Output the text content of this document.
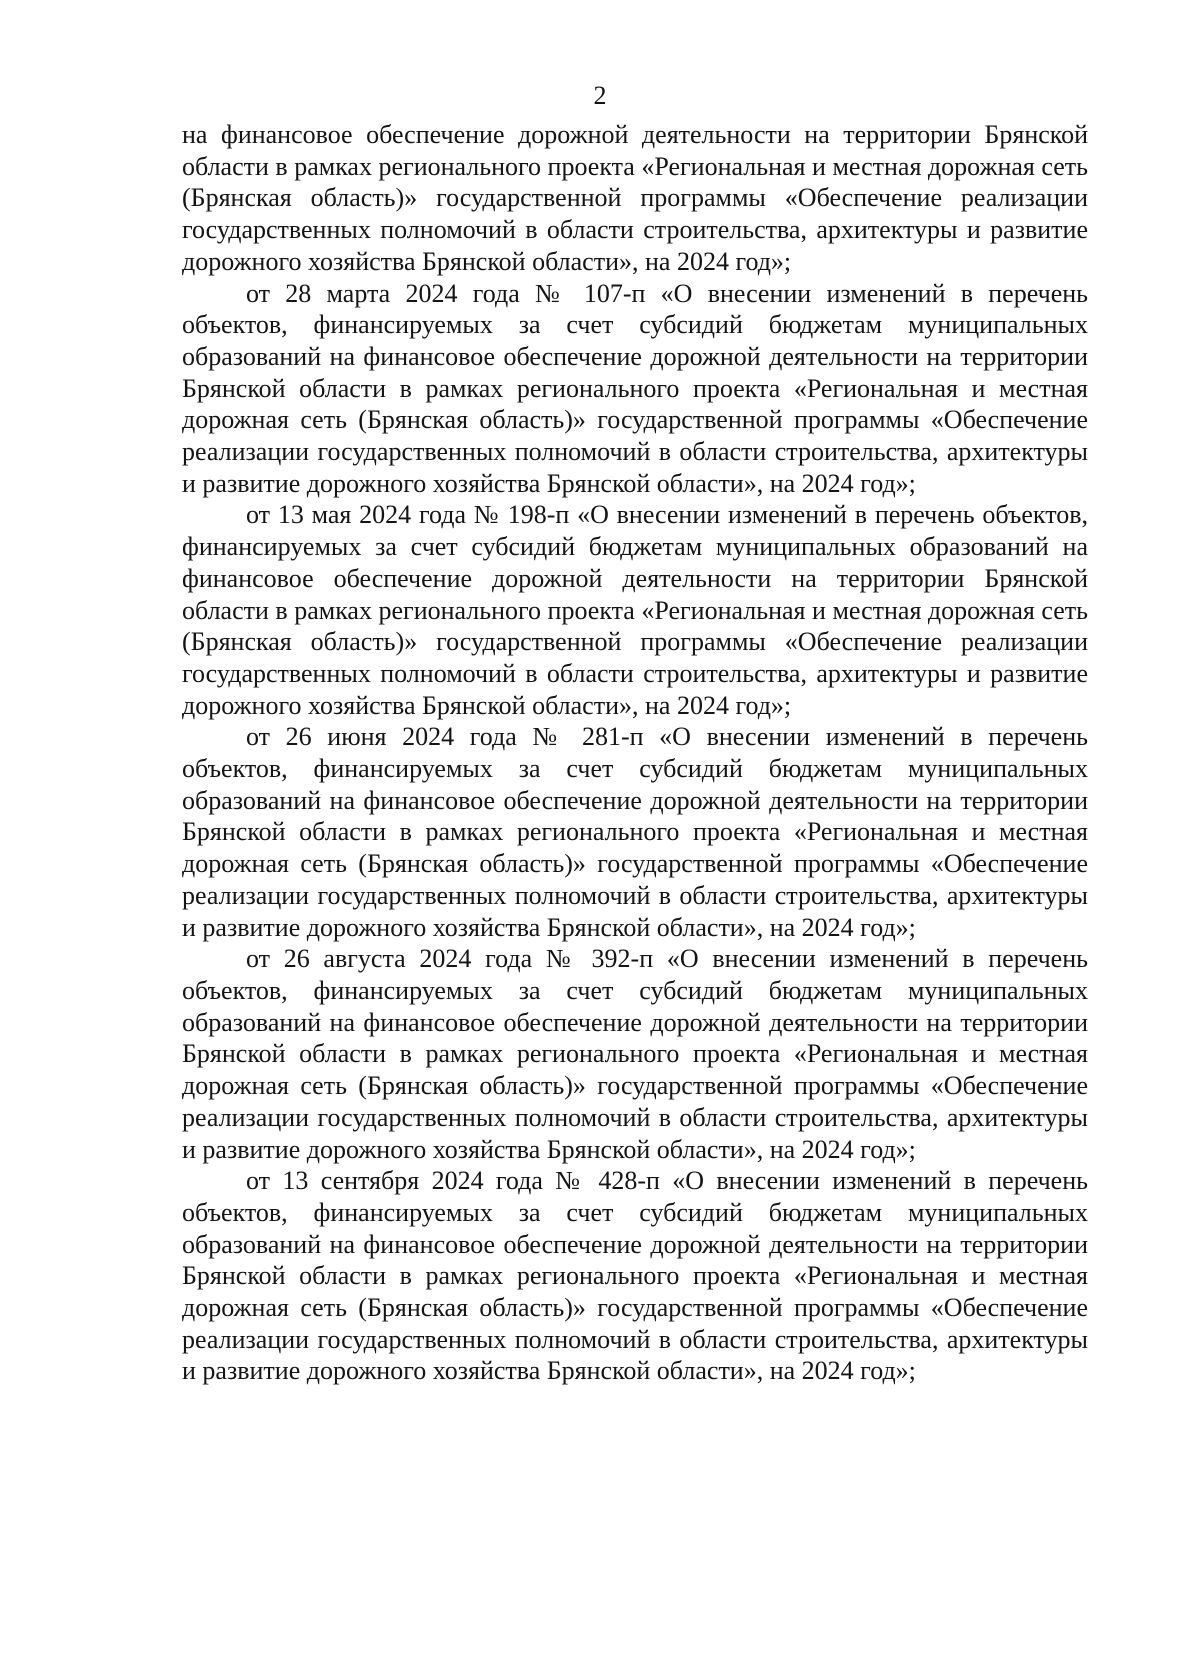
2

на финансовое обеспечение дорожной деятельности на территории Брянской области в рамках регионального проекта «Региональная и местная дорожная сеть (Брянская область)» государственной программы «Обеспечение реализации государственных полномочий в области строительства, архитектуры и развитие дорожного хозяйства Брянской области», на 2024 год»;

от 28 марта 2024 года № 107-п «О внесении изменений в перечень объектов, финансируемых за счет субсидий бюджетам муниципальных образований на финансовое обеспечение дорожной деятельности на территории Брянской области в рамках регионального проекта «Региональная и местная дорожная сеть (Брянская область)» государственной программы «Обеспечение реализации государственных полномочий в области строительства, архитектуры и развитие дорожного хозяйства Брянской области», на 2024 год»;

от 13 мая 2024 года № 198-п «О внесении изменений в перечень объектов, финансируемых за счет субсидий бюджетам муниципальных образований на финансовое обеспечение дорожной деятельности на территории Брянской области в рамках регионального проекта «Региональная и местная дорожная сеть (Брянская область)» государственной программы «Обеспечение реализации государственных полномочий в области строительства, архитектуры и развитие дорожного хозяйства Брянской области», на 2024 год»;

от 26 июня 2024 года № 281-п «О внесении изменений в перечень объектов, финансируемых за счет субсидий бюджетам муниципальных образований на финансовое обеспечение дорожной деятельности на территории Брянской области в рамках регионального проекта «Региональная и местная дорожная сеть (Брянская область)» государственной программы «Обеспечение реализации государственных полномочий в области строительства, архитектуры и развитие дорожного хозяйства Брянской области», на 2024 год»;

от 26 августа 2024 года № 392-п «О внесении изменений в перечень объектов, финансируемых за счет субсидий бюджетам муниципальных образований на финансовое обеспечение дорожной деятельности на территории Брянской области в рамках регионального проекта «Региональная и местная дорожная сеть (Брянская область)» государственной программы «Обеспечение реализации государственных полномочий в области строительства, архитектуры и развитие дорожного хозяйства Брянской области», на 2024 год»;

от 13 сентября 2024 года № 428-п «О внесении изменений в перечень объектов, финансируемых за счет субсидий бюджетам муниципальных образований на финансовое обеспечение дорожной деятельности на территории Брянской области в рамках регионального проекта «Региональная и местная дорожная сеть (Брянская область)» государственной программы «Обеспечение реализации государственных полномочий в области строительства, архитектуры и развитие дорожного хозяйства Брянской области», на 2024 год»;
